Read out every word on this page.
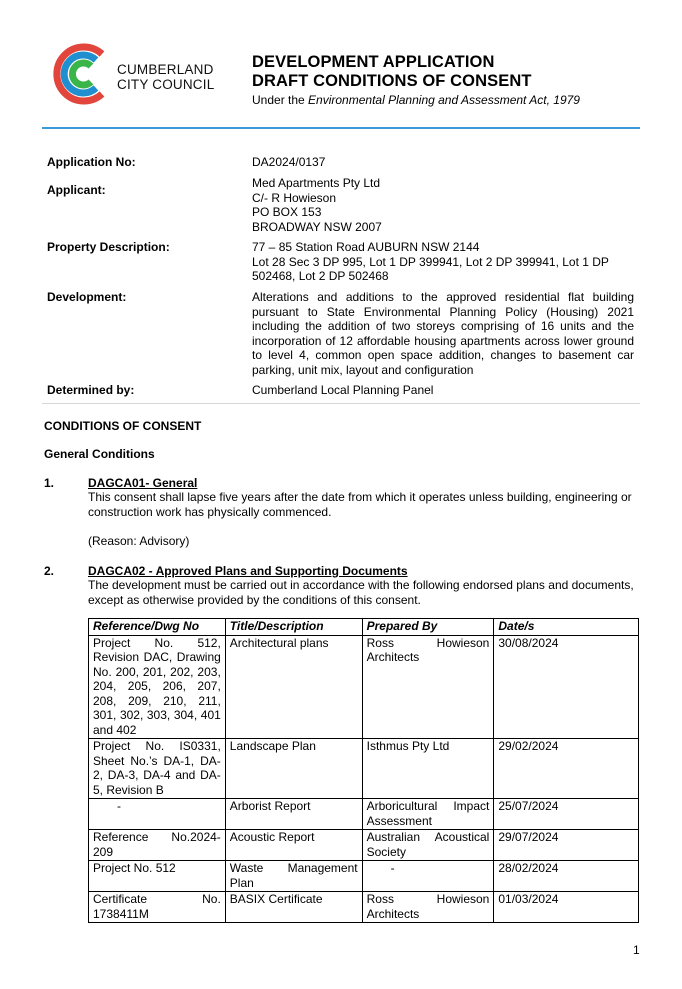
CUMBERLAND
CITY COUNCIL
DEVELOPMENT APPLICATION
DRAFT CONDITIONS OF CONSENT
Under the Environmental Planning and Assessment Act, 1979
Application No:	DA2024/0137
Applicant:	Med Apartments Pty Ltd
C/- R Howieson
PO BOX 153
BROADWAY NSW 2007
Property Description:	77 – 85 Station Road AUBURN NSW 2144
Lot 28 Sec 3 DP 995, Lot 1 DP 399941, Lot 2 DP 399941, Lot 1 DP
502468, Lot 2 DP 502468
Development:	Alterations and additions to the approved residential flat building pursuant to State Environmental Planning Policy (Housing) 2021 including the addition of two storeys comprising of 16 units and the incorporation of 12 affordable housing apartments across lower ground to level 4, common open space addition, changes to basement car parking, unit mix, layout and configuration
Determined by:	Cumberland Local Planning Panel
CONDITIONS OF CONSENT
General Conditions
1.	DAGCA01- General
This consent shall lapse five years after the date from which it operates unless building, engineering or construction work has physically commenced.
(Reason: Advisory)
2.	DAGCA02 - Approved Plans and Supporting Documents
The development must be carried out in accordance with the following endorsed plans and documents, except as otherwise provided by the conditions of this consent.
Reference/Dwg No	Title/Description	Prepared By	Date/s
Project No. 512, Revision DAC, Drawing No. 200, 201, 202, 203, 204, 205, 206, 207, 208, 209, 210, 211, 301, 302, 303, 304, 401 and 402	Architectural plans	Ross Howieson Architects	30/08/2024
Project No. IS0331, Sheet No.’s DA-1, DA-2, DA-3, DA-4 and DA-5, Revision B	Landscape Plan	Isthmus Pty Ltd	29/02/2024
-	Arborist Report	Arboricultural Impact Assessment	25/07/2024
Reference No.2024-209	Acoustic Report	Australian Acoustical Society	29/07/2024
Project No. 512	Waste Management Plan	-	28/02/2024
Certificate No. 1738411M	BASIX Certificate	Ross Howieson Architects	01/03/2024
1
